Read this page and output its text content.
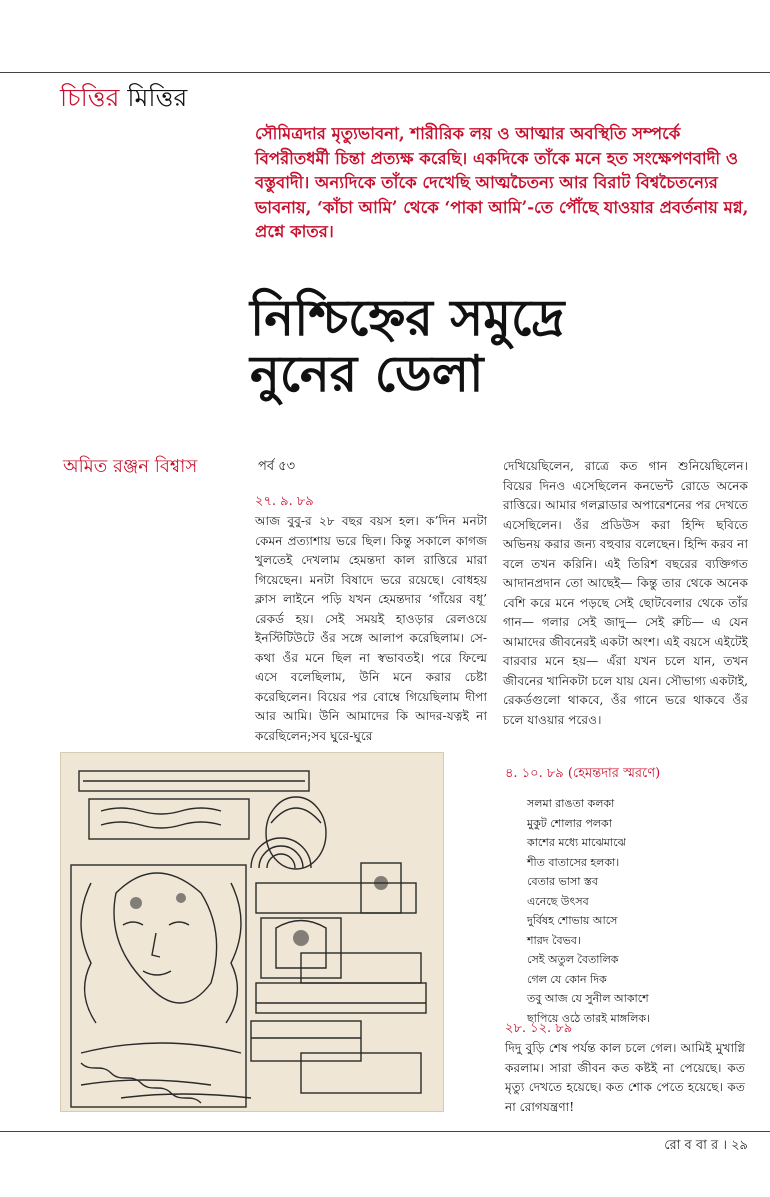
চিত্তির মিত্তির
সৌমিত্রদার মৃত্যুভাবনা, শারীরিক লয় ও আত্মার অবস্থিতি সম্পর্কে বিপরীতধর্মী চিন্তা প্রত্যক্ষ করেছি। একদিকে তাঁকে মনে হত সংক্ষেপণবাদী ও বস্তুবাদী। অন্যদিকে তাঁকে দেখেছি আত্মচৈতন্য আর বিরাট বিশ্বচৈতন্যের ভাবনায়, ‘কাঁচা আমি’ থেকে ‘পাকা আমি’-তে পৌঁছে যাওয়ার প্রবর্তনায় মগ্ন, প্রশ্নে কাতর।
নিশ্চিহ্নের সমুদ্রে
নুনের ডেলা
অমিত রঞ্জন বিশ্বাস	পর্ব ৫৩

২৭. ৯. ৮৯

আজ বুবু-র ২৮ বছর বয়স হল। ক’দিন মনটা কেমন প্রত্যাশায় ভরে ছিল। কিন্তু সকালে কাগজ খুলতেই দেখলাম হেমন্তদা কাল রাত্তিরে মারা গিয়েছেন। মনটা বিষাদে ভরে রয়েছে। বোধহয় ক্লাস লাইনে পড়ি যখন হেমন্তদার ‘গাঁয়ের বধূ’ রেকর্ড হয়। সেই সময়ই হাওড়ার রেলওয়ে ইনস্টিটিউটে ওঁর সঙ্গে আলাপ করেছিলাম। সে-কথা ওঁর মনে ছিল না স্বভাবতই। পরে ফিল্মে এসে বলেছিলাম, উনি মনে করার চেষ্টা করেছিলেন। বিয়ের পর বোম্বে গিয়েছিলাম দীপা আর আমি। উনি আমাদের কি আদর-যত্নই না করেছিলেন;সব ঘুরে-ঘুরে

দেখিয়েছিলেন, রাত্রে কত গান শুনিয়েছিলেন। বিয়ের দিনও এসেছিলেন কনভেন্ট রোডে অনেক রাত্তিরে। আমার গলব্লাডার অপারেশনের পর দেখতে এসেছিলেন। ওঁর প্রডিউস করা হিন্দি ছবিতে অভিনয় করার জন্য বহুবার বলেছেন। হিন্দি করব না বলে তখন করিনি। এই তিরিশ বছরের ব্যক্তিগত আদানপ্রদান তো আছেই— কিন্তু তার থেকে অনেক বেশি করে মনে পড়ছে সেই ছোটবেলার থেকে তাঁর গান— গলার সেই জাদু— সেই রুচি— এ যেন আমাদের জীবনেরই একটা অংশ। এই বয়সে এইটেই বারবার মনে হয়— এঁরা যখন চলে যান, তখন জীবনের খানিকটা চলে যায় যেন। সৌভাগ্য একটাই, রেকর্ডগুলো থাকবে, ওঁর গানে ভরে থাকবে ওঁর চলে যাওয়ার পরেও।

৪. ১০. ৮৯ (হেমন্তদার স্মরণে)

সলমা রাঙতা কলকা
মুকুট শোলার পলকা
কাশের মধ্যে মাঝেমাঝে
শীত বাতাসের হলকা।
বেতার ভাসা স্তব
এনেছে উৎসব
দুর্বিষহ শোভায় আসে
শারদ বৈভব।
সেই অতুল বৈতালিক
গেল যে কোন দিক
তবু আজ যে সুনীল আকাশে
ছাপিয়ে ওঠে তারই মাঙ্গলিক।

২৮. ১২. ৮৯

দিদু বুড়ি শেষ পর্যন্ত কাল চলে গেল। আমিই মুখাগ্নি করলাম। সারা জীবন কত কষ্টই না পেয়েছে। কত মৃত্যু দেখতে হয়েছে। কত শোক পেতে হয়েছে। কত না রোগযন্ত্রণা!

রো ব বা র । ২৯
